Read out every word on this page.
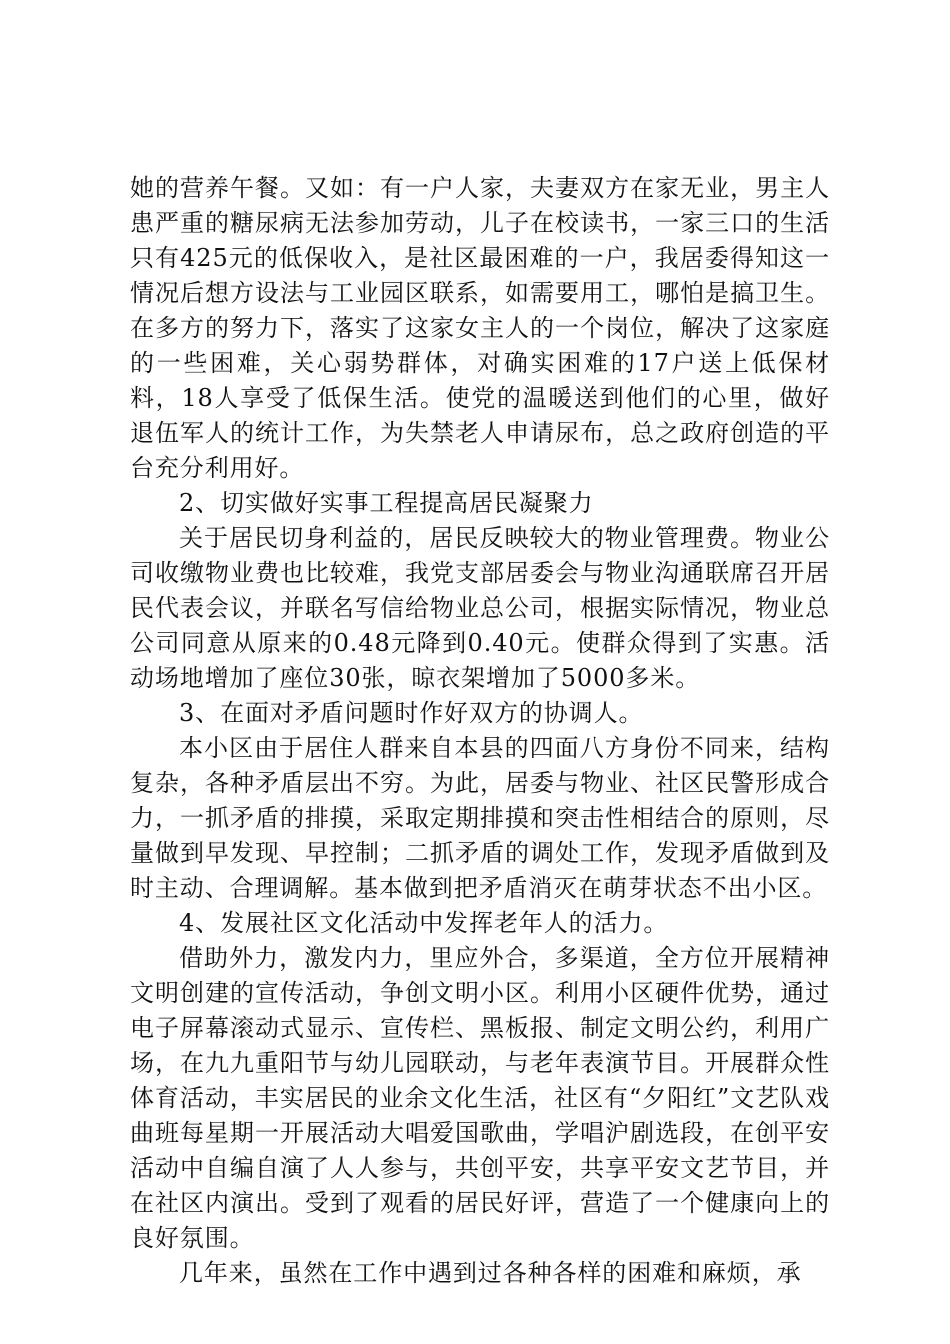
她的营养午餐。又如：有一户人家，夫妻双方在家无业，男主人患严重的糖尿病无法参加劳动，儿子在校读书，一家三口的生活只有425元的低保收入，是社区最困难的一户，我居委得知这一情况后想方设法与工业园区联系，如需要用工，哪怕是搞卫生。在多方的努力下，落实了这家女主人的一个岗位，解决了这家庭的一些困难，关心弱势群体，对确实困难的17户送上低保材料，18人享受了低保生活。使党的温暖送到他们的心里，做好退伍军人的统计工作，为失禁老人申请尿布，总之政府创造的平台充分利用好。

2、切实做好实事工程提高居民凝聚力

关于居民切身利益的，居民反映较大的物业管理费。物业公司收缴物业费也比较难，我党支部居委会与物业沟通联席召开居民代表会议，并联名写信给物业总公司，根据实际情况，物业总公司同意从原来的0.48元降到0.40元。使群众得到了实惠。活动场地增加了座位30张，晾衣架增加了5000多米。

3、在面对矛盾问题时作好双方的协调人。

本小区由于居住人群来自本县的四面八方身份不同来，结构复杂，各种矛盾层出不穷。为此，居委与物业、社区民警形成合力，一抓矛盾的排摸，采取定期排摸和突击性相结合的原则，尽量做到早发现、早控制；二抓矛盾的调处工作，发现矛盾做到及时主动、合理调解。基本做到把矛盾消灭在萌芽状态不出小区。

4、发展社区文化活动中发挥老年人的活力。

借助外力，激发内力，里应外合，多渠道，全方位开展精神文明创建的宣传活动，争创文明小区。利用小区硬件优势，通过电子屏幕滚动式显示、宣传栏、黑板报、制定文明公约，利用广场，在九九重阳节与幼儿园联动，与老年表演节目。开展群众性体育活动，丰实居民的业余文化生活，社区有“夕阳红”文艺队戏曲班每星期一开展活动大唱爱国歌曲，学唱沪剧选段，在创平安活动中自编自演了人人参与，共创平安，共享平安文艺节目，并在社区内演出。受到了观看的居民好评，营造了一个健康向上的良好氛围。

几年来，虽然在工作中遇到过各种各样的困难和麻烦，承
